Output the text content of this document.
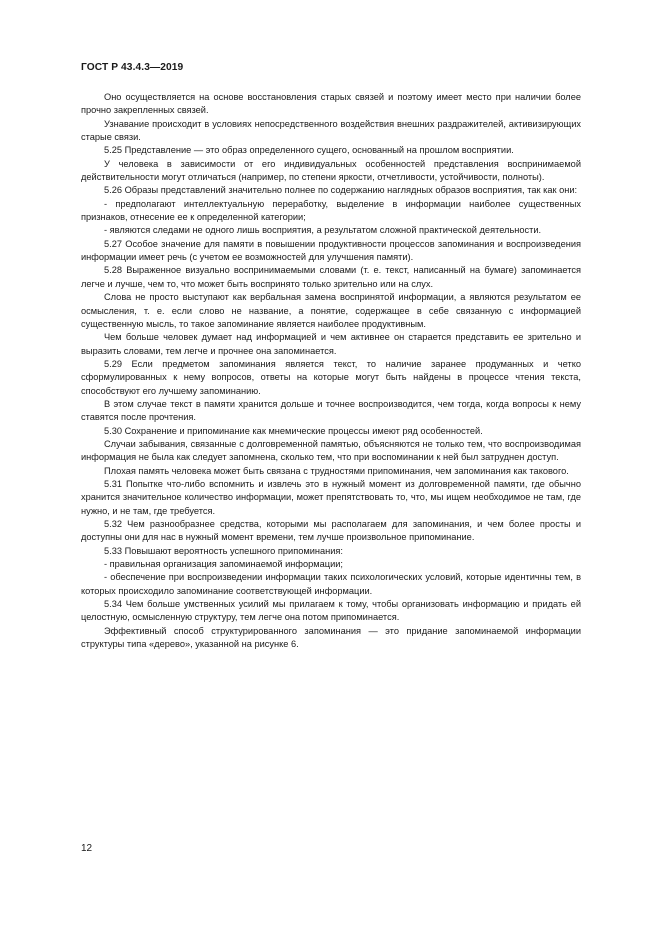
ГОСТ Р 43.4.3—2019

Оно осуществляется на основе восстановления старых связей и поэтому имеет место при наличии более прочно закрепленных связей.

Узнавание происходит в условиях непосредственного воздействия внешних раздражителей, активизирующих старые связи.

5.25 Представление — это образ определенного сущего, основанный на прошлом восприятии.

У человека в зависимости от его индивидуальных особенностей представления воспринимаемой действительности могут отличаться (например, по степени яркости, отчетливости, устойчивости, полноты).

5.26 Образы представлений значительно полнее по содержанию наглядных образов восприятия, так как они:

- предполагают интеллектуальную переработку, выделение в информации наиболее существенных признаков, отнесение ее к определенной категории;

- являются следами не одного лишь восприятия, а результатом сложной практической деятельности.

5.27 Особое значение для памяти в повышении продуктивности процессов запоминания и воспроизведения информации имеет речь (с учетом ее возможностей для улучшения памяти).

5.28 Выраженное визуально воспринимаемыми словами (т. е. текст, написанный на бумаге) запоминается легче и лучше, чем то, что может быть воспринято только зрительно или на слух.

Слова не просто выступают как вербальная замена воспринятой информации, а являются результатом ее осмысления, т. е. если слово не название, а понятие, содержащее в себе связанную с информацией существенную мысль, то такое запоминание является наиболее продуктивным.

Чем больше человек думает над информацией и чем активнее он старается представить ее зрительно и выразить словами, тем легче и прочнее она запоминается.

5.29 Если предметом запоминания является текст, то наличие заранее продуманных и четко сформулированных к нему вопросов, ответы на которые могут быть найдены в процессе чтения текста, способствуют его лучшему запоминанию.

В этом случае текст в памяти хранится дольше и точнее воспроизводится, чем тогда, когда вопросы к нему ставятся после прочтения.

5.30 Сохранение и припоминание как мнемические процессы имеют ряд особенностей.

Случаи забывания, связанные с долговременной памятью, объясняются не только тем, что воспроизводимая информация не была как следует запомнена, сколько тем, что при воспоминании к ней был затруднен доступ.

Плохая память человека может быть связана с трудностями припоминания, чем запоминания как такового.

5.31 Попытке что-либо вспомнить и извлечь это в нужный момент из долговременной памяти, где обычно хранится значительное количество информации, может препятствовать то, что, мы ищем необходимое не там, где нужно, и не там, где требуется.

5.32 Чем разнообразнее средства, которыми мы располагаем для запоминания, и чем более просты и доступны они для нас в нужный момент времени, тем лучше произвольное припоминание.

5.33 Повышают вероятность успешного припоминания:

- правильная организация запоминаемой информации;

- обеспечение при воспроизведении информации таких психологических условий, которые идентичны тем, в которых происходило запоминание соответствующей информации.

5.34 Чем больше умственных усилий мы прилагаем к тому, чтобы организовать информацию и придать ей целостную, осмысленную структуру, тем легче она потом припоминается.

Эффективный способ структурированного запоминания — это придание запоминаемой информации структуры типа «дерево», указанной на рисунке 6.

12
